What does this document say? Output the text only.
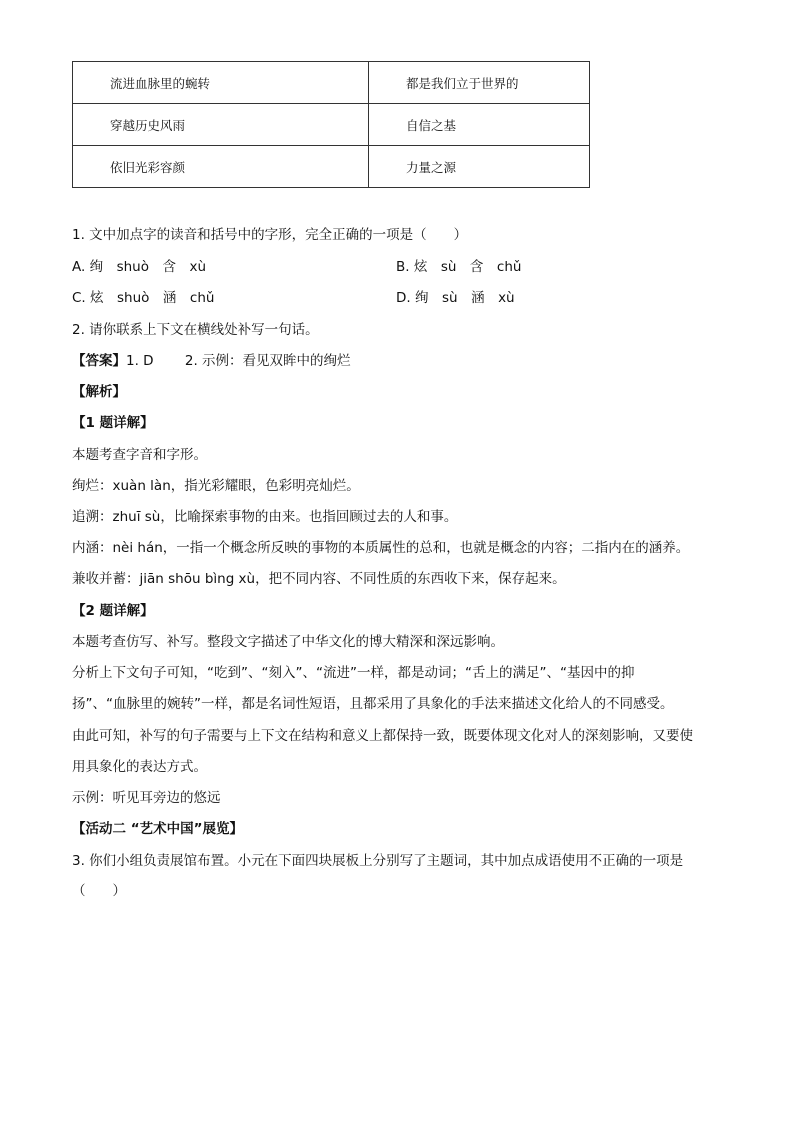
流进血脉里的蜿转	都是我们立于世界的
穿越历史风雨	自信之基
依旧光彩容颜	力量之源
1. 文中加点字的读音和括号中的字形，完全正确的一项是（　　）
A. 绚　shuò　含　xù	B. 炫　sù　含　chǔ
C. 炫　shuò　涵　chǔ	D. 绚　sù　涵　xù
2. 请你联系上下文在横线处补写一句话。
【答案】1. D　　 2. 示例：看见双眸中的绚烂
【解析】
【1 题详解】
本题考查字音和字形。
绚烂：xuàn làn，指光彩耀眼，色彩明亮灿烂。
追溯：zhuī sù，比喻探索事物的由来。也指回顾过去的人和事。
内涵：nèi hán，一指一个概念所反映的事物的本质属性的总和，也就是概念的内容；二指内在的涵养。
兼收并蓄：jiān shōu bìng xù，把不同内容、不同性质的东西收下来，保存起来。
【2 题详解】
本题考查仿写、补写。整段文字描述了中华文化的博大精深和深远影响。
分析上下文句子可知，“吃到”、“刻入”、“流进”一样，都是动词；“舌上的满足”、“基因中的抑
扬”、“血脉里的婉转”一样，都是名词性短语，且都采用了具象化的手法来描述文化给人的不同感受。
由此可知，补写的句子需要与上下文在结构和意义上都保持一致，既要体现文化对人的深刻影响，又要使
用具象化的表达方式。
示例：听见耳旁边的悠远
【活动二 “艺术中国”展览】
3. 你们小组负责展馆布置。小元在下面四块展板上分别写了主题词，其中加点成语使用不正确的一项是
（　　）
